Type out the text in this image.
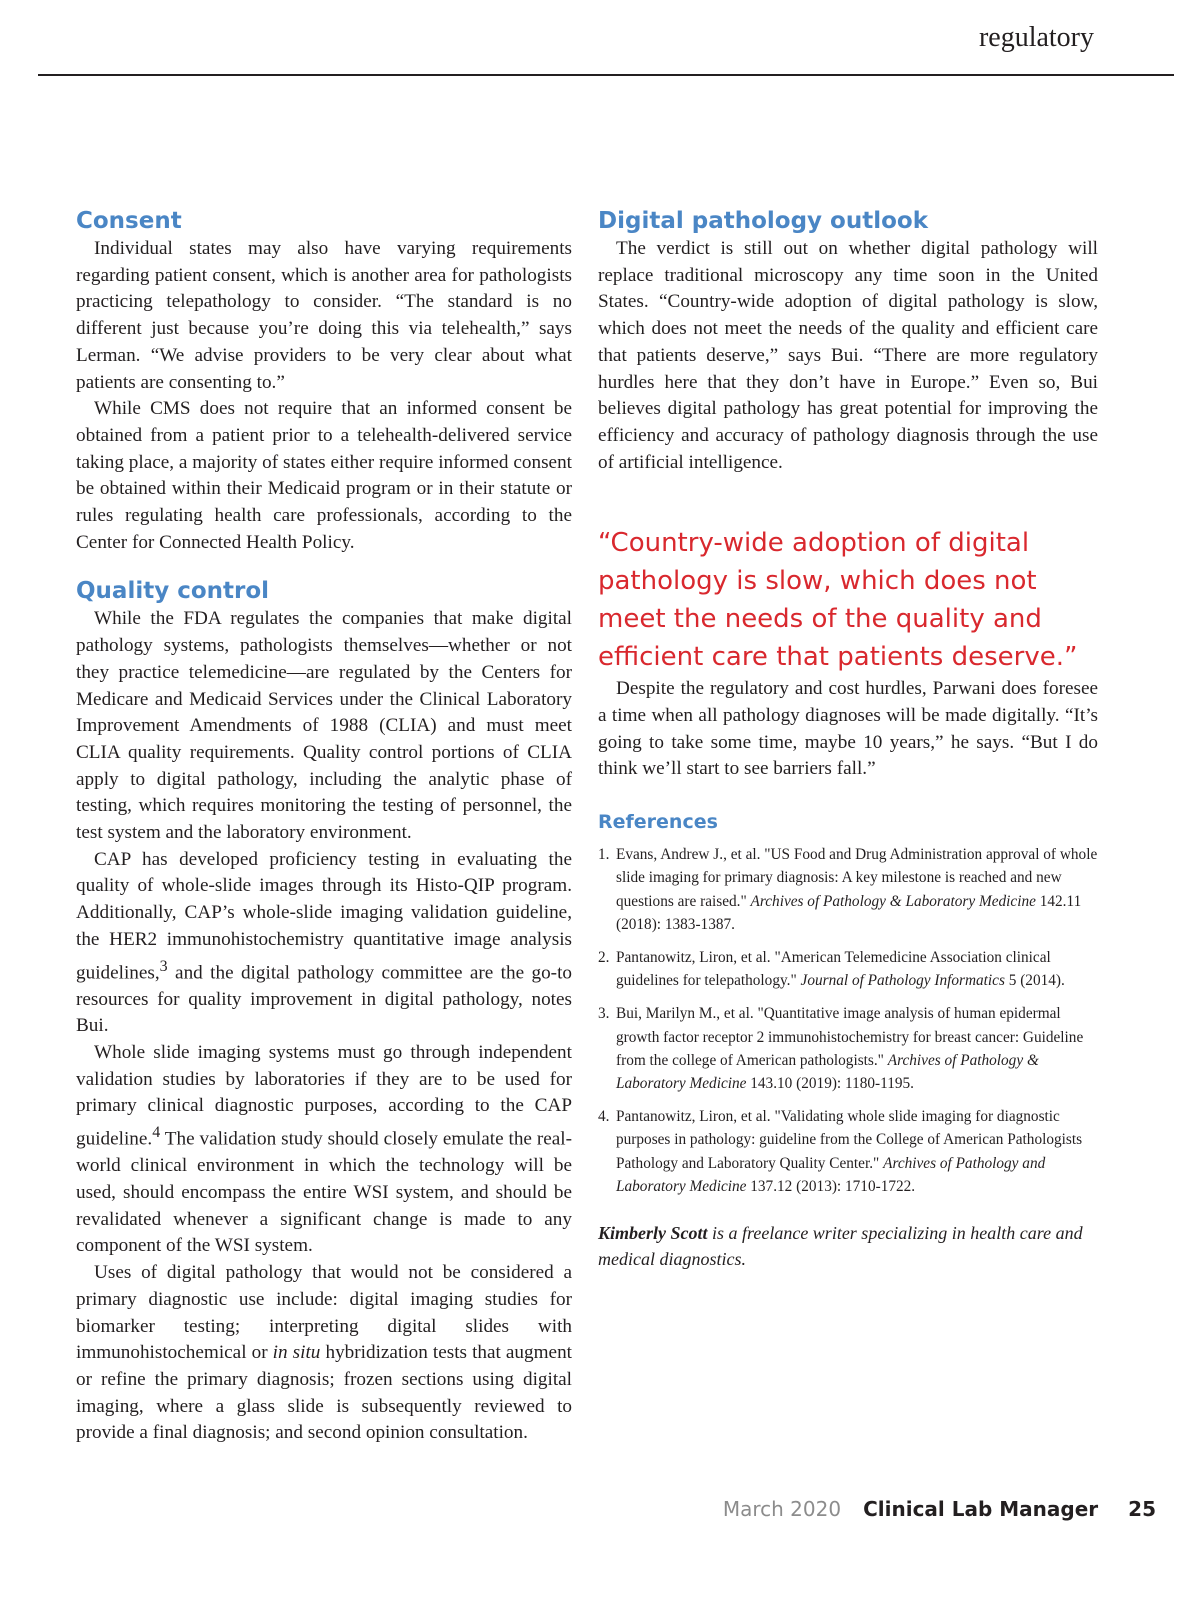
regulatory
Consent

Individual states may also have varying requirements regarding patient consent, which is another area for pathologists practicing telepathology to consider. “The standard is no different just because you’re doing this via telehealth,” says Lerman. “We advise providers to be very clear about what patients are consenting to.”

While CMS does not require that an informed consent be obtained from a patient prior to a telehealth-delivered service taking place, a majority of states either require informed consent be obtained within their Medicaid program or in their statute or rules regulating health care professionals, according to the Center for Connected Health Policy.

Quality control

While the FDA regulates the companies that make digital pathology systems, pathologists themselves—whether or not they practice telemedicine—are regulated by the Centers for Medicare and Medicaid Services under the Clinical Laboratory Improvement Amendments of 1988 (CLIA) and must meet CLIA quality requirements. Quality control portions of CLIA apply to digital pathology, including the analytic phase of testing, which requires monitoring the testing of personnel, the test system and the laboratory environment.

CAP has developed proficiency testing in evaluating the quality of whole-slide images through its Histo-QIP program. Additionally, CAP’s whole-slide imaging validation guideline, the HER2 immunohistochemistry quantitative image analysis guidelines,$^3$ and the digital pathology committee are the go-to resources for quality improvement in digital pathology, notes Bui.

Whole slide imaging systems must go through independent validation studies by laboratories if they are to be used for primary clinical diagnostic purposes, according to the CAP guideline.$^4$ The validation study should closely emulate the real-world clinical environment in which the technology will be used, should encompass the entire WSI system, and should be revalidated whenever a significant change is made to any component of the WSI system.

Uses of digital pathology that would not be considered a primary diagnostic use include: digital imaging studies for biomarker testing; interpreting digital slides with immunohistochemical or in situ hybridization tests that augment or refine the primary diagnosis; frozen sections using digital imaging, where a glass slide is subsequently reviewed to provide a final diagnosis; and second opinion consultation.

Digital pathology outlook

The verdict is still out on whether digital pathology will replace traditional microscopy any time soon in the United States. “Country-wide adoption of digital pathology is slow, which does not meet the needs of the quality and efficient care that patients deserve,” says Bui. “There are more regulatory hurdles here that they don’t have in Europe.” Even so, Bui believes digital pathology has great potential for improving the efficiency and accuracy of pathology diagnosis through the use of artificial intelligence.

“Country-wide adoption of digital pathology is slow, which does not meet the needs of the quality and efficient care that patients deserve.”

Despite the regulatory and cost hurdles, Parwani does foresee a time when all pathology diagnoses will be made digitally. “It’s going to take some time, maybe 10 years,” he says. “But I do think we’ll start to see barriers fall.”

References
1. Evans, Andrew J., et al. "US Food and Drug Administration approval of whole slide imaging for primary diagnosis: A key milestone is reached and new questions are raised." Archives of Pathology & Laboratory Medicine 142.11 (2018): 1383-1387.
2. Pantanowitz, Liron, et al. "American Telemedicine Association clinical guidelines for telepathology." Journal of Pathology Informatics 5 (2014).
3. Bui, Marilyn M., et al. "Quantitative image analysis of human epidermal growth factor receptor 2 immunohistochemistry for breast cancer: Guideline from the college of American pathologists." Archives of Pathology & Laboratory Medicine 143.10 (2019): 1180-1195.
4. Pantanowitz, Liron, et al. "Validating whole slide imaging for diagnostic purposes in pathology: guideline from the College of American Pathologists Pathology and Laboratory Quality Center." Archives of Pathology and Laboratory Medicine 137.12 (2013): 1710-1722.
Kimberly Scott is a freelance writer specializing in health care and medical diagnostics.
March 2020 Clinical Lab Manager 25
